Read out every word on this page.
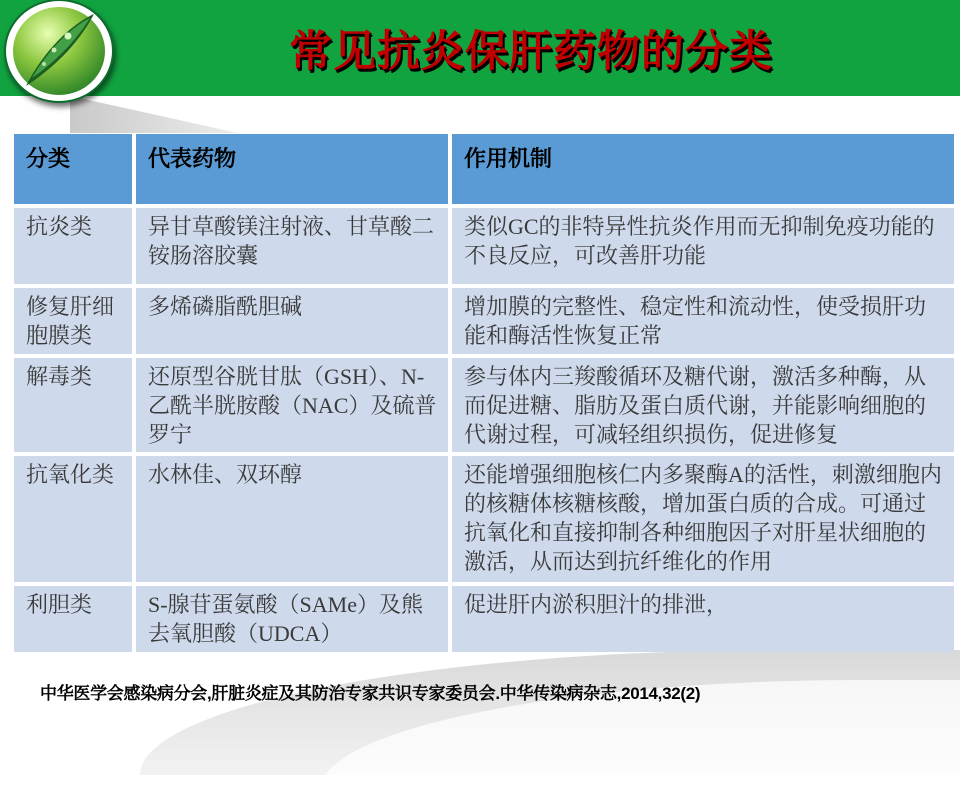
常见抗炎保肝药物的分类
分类	代表药物	作用机制
抗炎类	异甘草酸镁注射液、甘草酸二铵肠溶胶囊	类似GC的非特异性抗炎作用而无抑制免疫功能的不良反应，可改善肝功能
修复肝细胞膜类	多烯磷脂酰胆碱	增加膜的完整性、稳定性和流动性，使受损肝功能和酶活性恢复正常
解毒类	还原型谷胱甘肽（GSH）、N-乙酰半胱胺酸（NAC）及硫普罗宁	参与体内三羧酸循环及糖代谢，激活多种酶，从而促进糖、脂肪及蛋白质代谢，并能影响细胞的代谢过程，可减轻组织损伤，促进修复
抗氧化类	水林佳、双环醇	还能增强细胞核仁内多聚酶A的活性，刺激细胞内的核糖体核糖核酸，增加蛋白质的合成。可通过抗氧化和直接抑制各种细胞因子对肝星状细胞的激活，从而达到抗纤维化的作用
利胆类	S-腺苷蛋氨酸（SAMe）及熊去氧胆酸（UDCA）	促进肝内淤积胆汁的排泄，
中华医学会感染病分会,肝脏炎症及其防治专家共识专家委员会.中华传染病杂志,2014,32(2)
